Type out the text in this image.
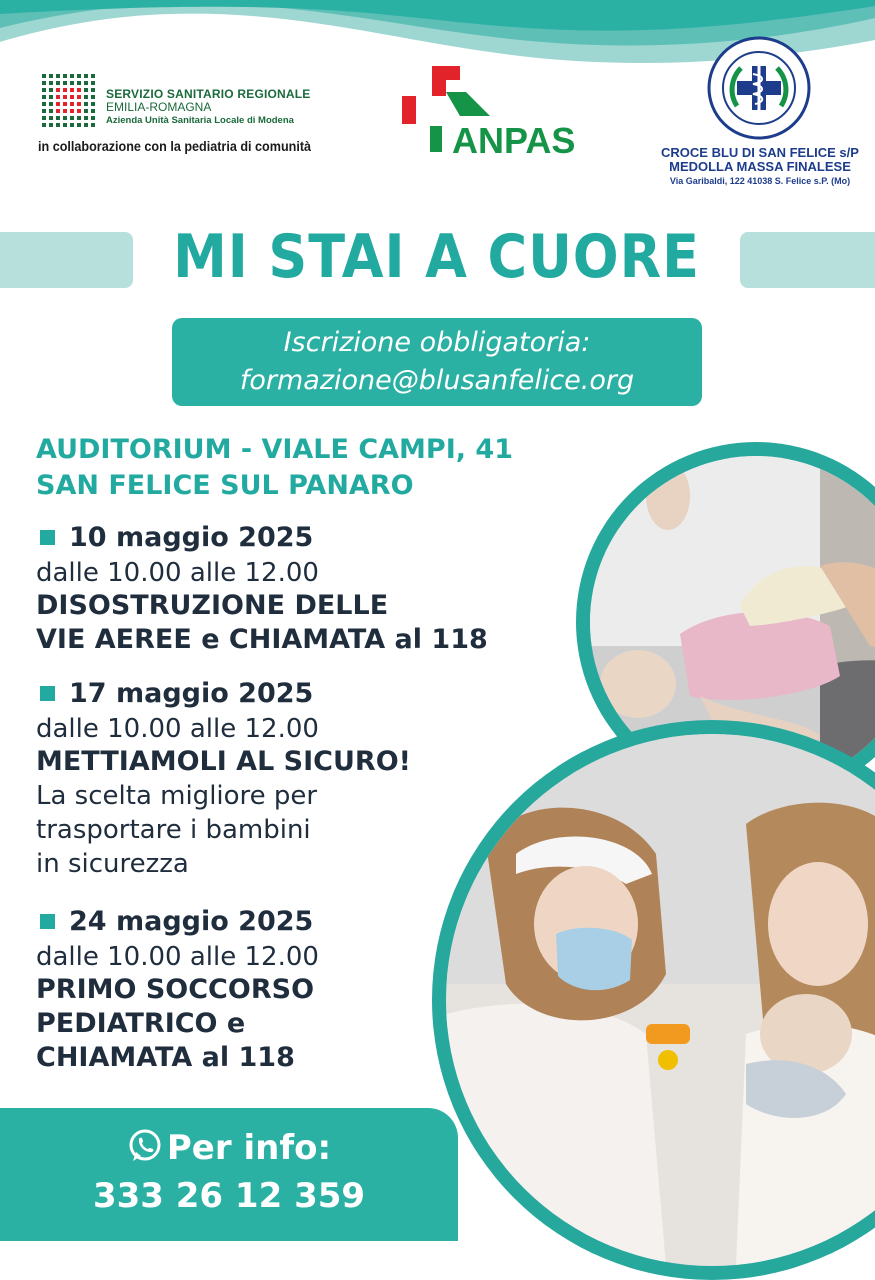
SERVIZIO SANITARIO REGIONALE
EMILIA-ROMAGNA
Azienda Unità Sanitaria Locale di Modena
in collaborazione con la pediatria di comunità	ANPAS	CROCE BLU DI SAN FELICE s/P
MEDOLLA MASSA FINALESE
Via Garibaldi, 122 41038 S. Felice s.P. (Mo)
MI STAI A CUORE
Iscrizione obbligatoria:
formazione@blusanfelice.org
AUDITORIUM - VIALE CAMPI, 41
SAN FELICE SUL PANARO
10 maggio 2025
dalle 10.00 alle 12.00
DISOSTRUZIONE DELLE
VIE AEREE e CHIAMATA al 118
17 maggio 2025
dalle 10.00 alle 12.00
METTIAMOLI AL SICURO!
La scelta migliore per
trasportare i bambini
in sicurezza
24 maggio 2025
dalle 10.00 alle 12.00
PRIMO SOCCORSO
PEDIATRICO e
CHIAMATA al 118
Per info:
333 26 12 359
